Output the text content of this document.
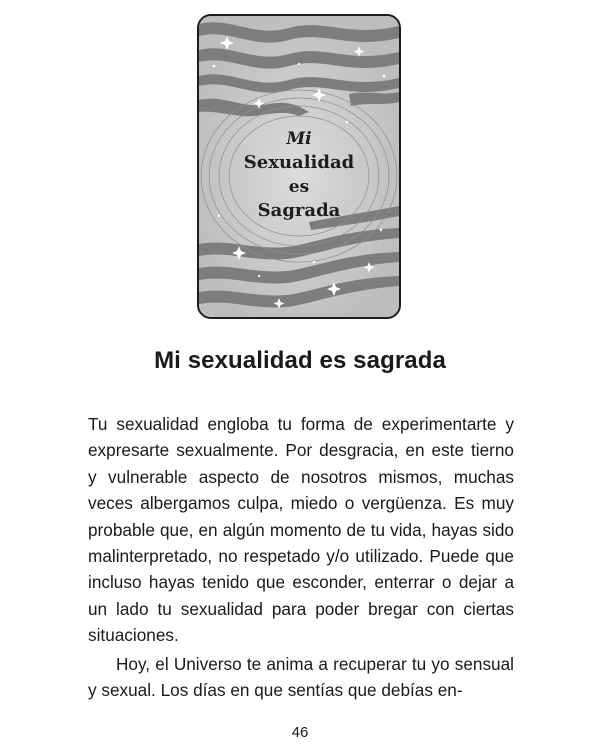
Mi
Sexualidad
es
Sagrada
Mi sexualidad es sagrada

Tu sexualidad engloba tu forma de experimentarte y expresarte sexualmente. Por desgracia, en este tierno y vulnerable aspecto de nosotros mismos, muchas veces albergamos culpa, miedo o vergüenza. Es muy probable que, en algún momento de tu vida, hayas sido malinterpretado, no respetado y/o utilizado. Puede que incluso hayas tenido que esconder, enterrar o dejar a un lado tu sexualidad para poder bregar con ciertas situaciones.

Hoy, el Universo te anima a recuperar tu yo sensual y sexual. Los días en que sentías que debías en-

46
